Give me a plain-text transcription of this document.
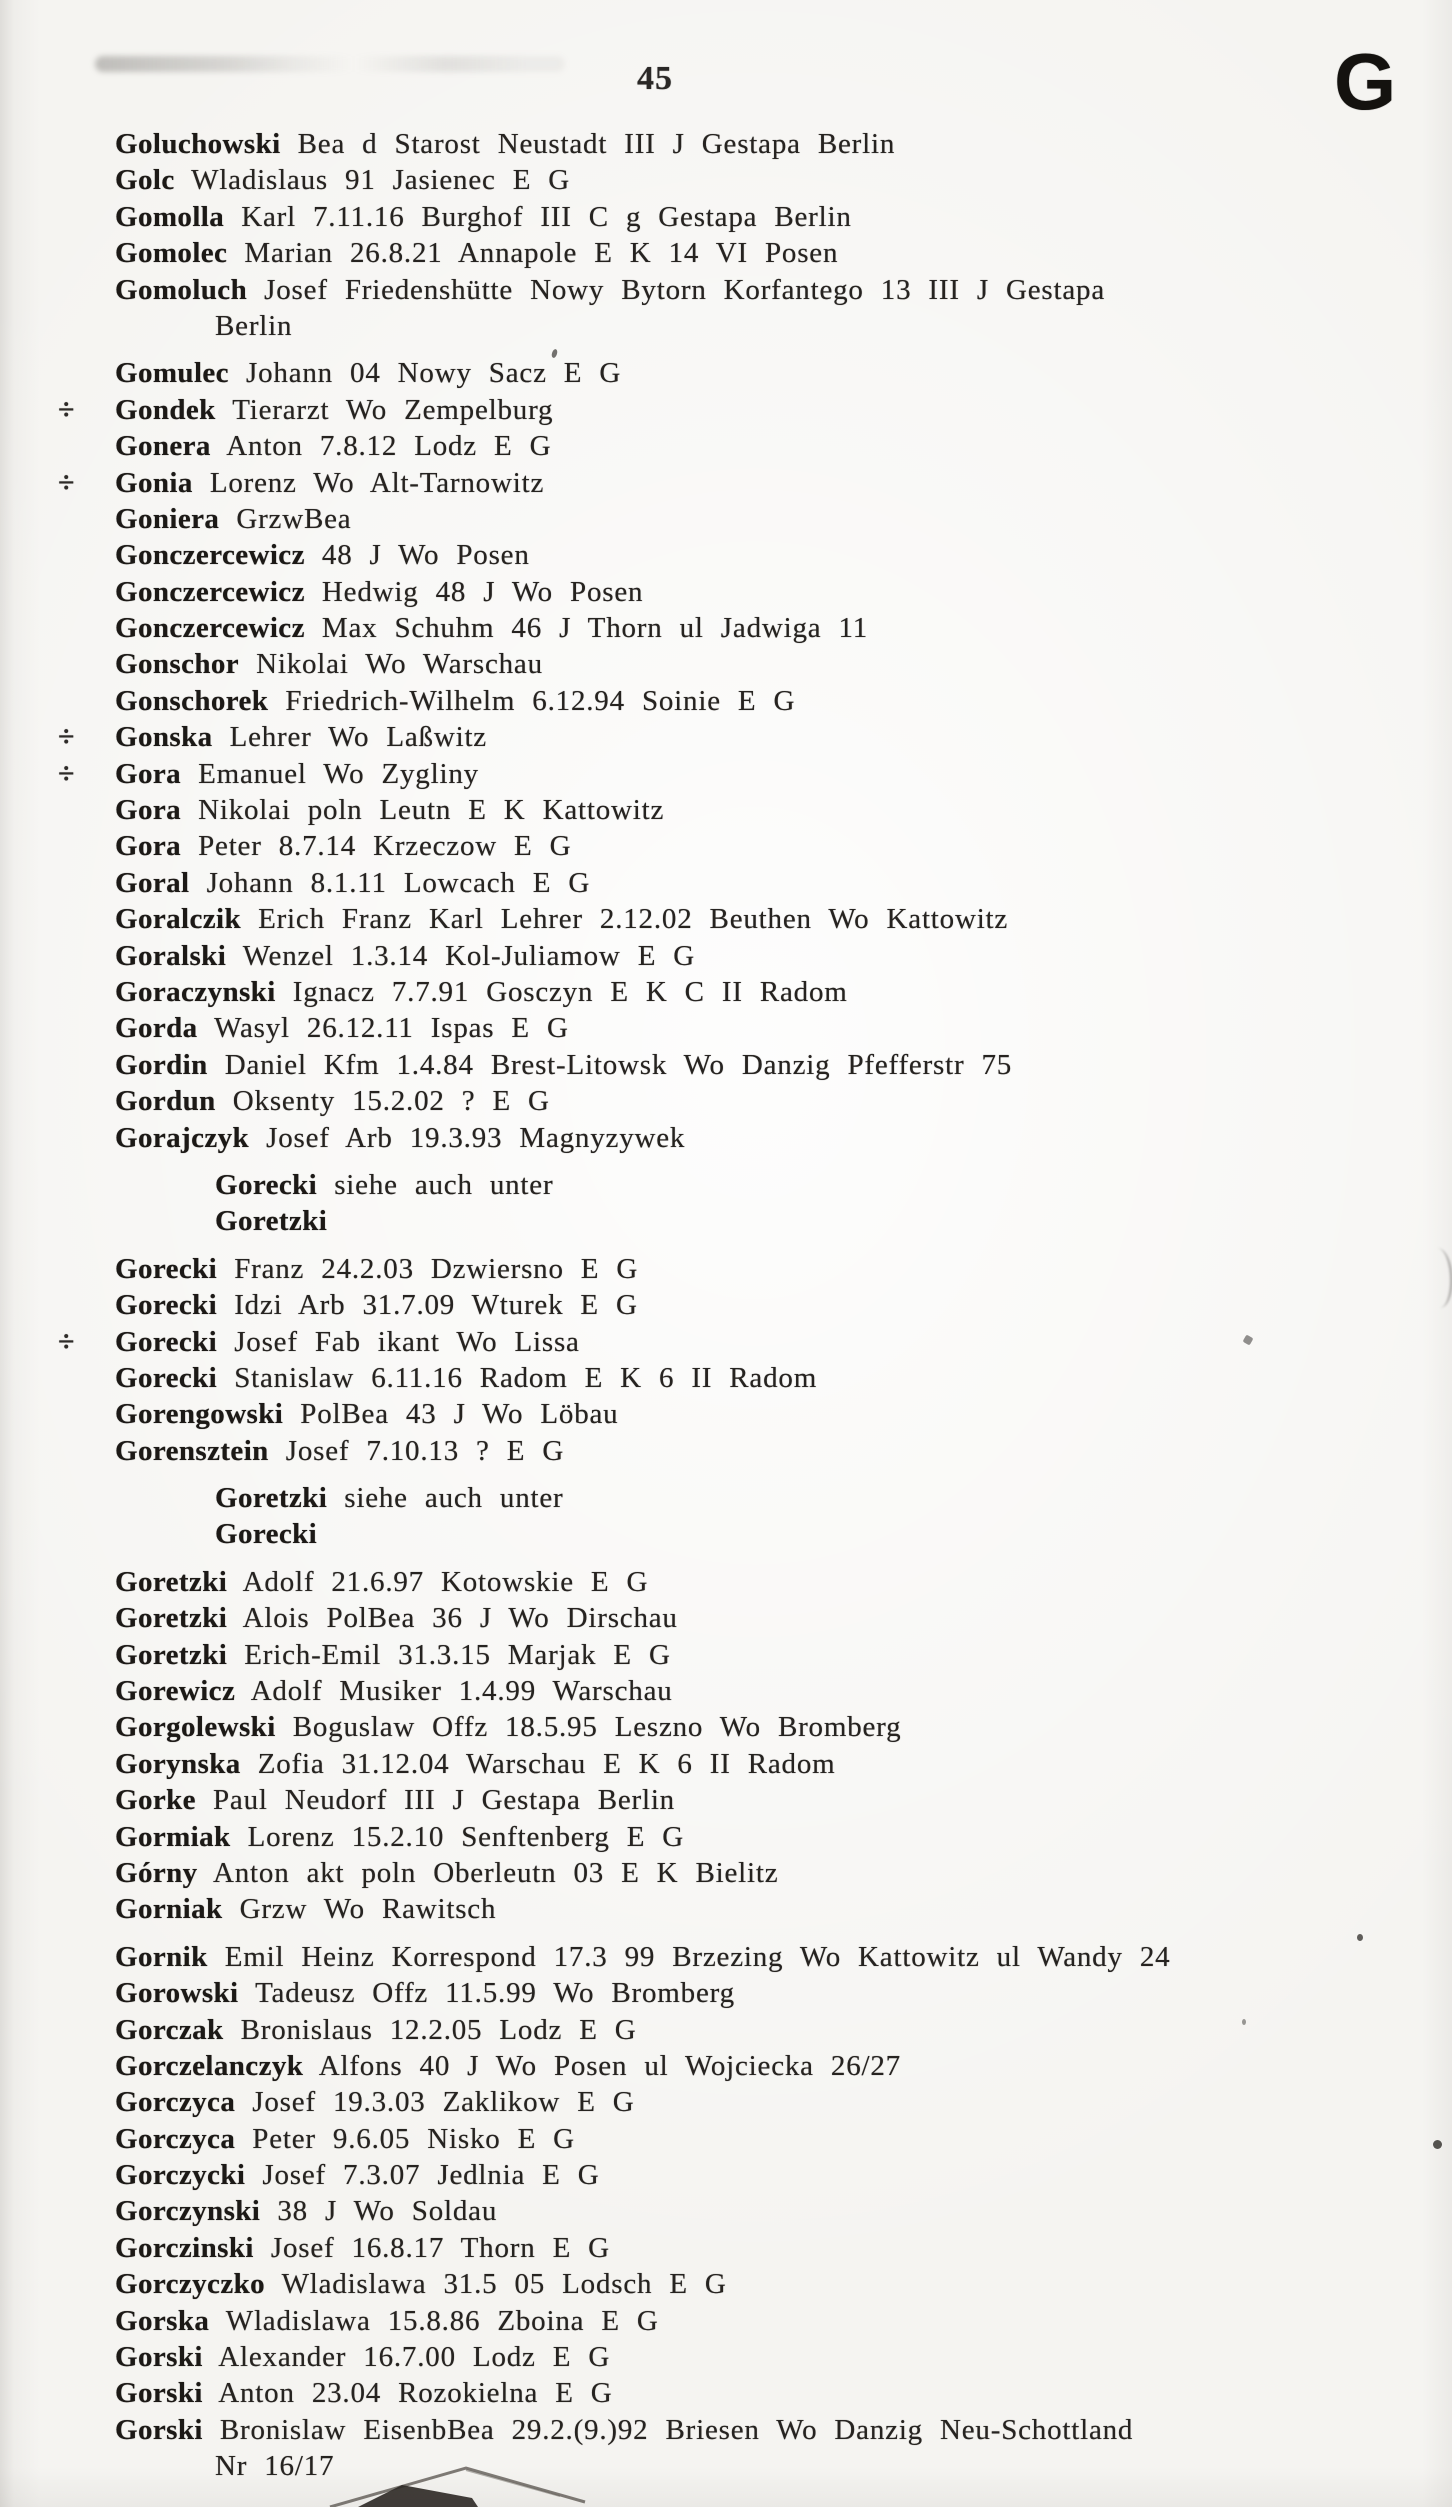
45	G
Goluchowski Bea d Starost Neustadt III J Gestapa Berlin
Golc Wladislaus 91 Jasienec E G
Gomolla Karl 7.11.16 Burghof III C g Gestapa Berlin
Gomolec Marian 26.8.21 Annapole E K 14 VI Posen
Gomoluch Josef Friedenshütte Nowy Bytorn Korfantego 13 III J Gestapa
Berlin
Gomulec Johann 04 Nowy Sacz E G
÷ Gondek Tierarzt Wo Zempelburg
Gonera Anton 7.8.12 Lodz E G
÷ Gonia Lorenz Wo Alt-Tarnowitz
Goniera GrzwBea
Gonczercewicz 48 J Wo Posen
Gonczercewicz Hedwig 48 J Wo Posen
Gonczercewicz Max Schuhm 46 J Thorn ul Jadwiga 11
Gonschor Nikolai Wo Warschau
Gonschorek Friedrich-Wilhelm 6.12.94 Soinie E G
÷ Gonska Lehrer Wo Laßwitz
÷ Gora Emanuel Wo Zygliny
Gora Nikolai poln Leutn E K Kattowitz
Gora Peter 8.7.14 Krzeczow E G
Goral Johann 8.1.11 Lowcach E G
Goralczik Erich Franz Karl Lehrer 2.12.02 Beuthen Wo Kattowitz
Goralski Wenzel 1.3.14 Kol-Juliamow E G
Goraczynski Ignacz 7.7.91 Gosczyn E K C II Radom
Gorda Wasyl 26.12.11 Ispas E G
Gordin Daniel Kfm 1.4.84 Brest-Litowsk Wo Danzig Pfefferstr 75
Gordun Oksenty 15.2.02 ? E G
Gorajczyk Josef Arb 19.3.93 Magnyzywek
Gorecki siehe auch unter
Goretzki
Gorecki Franz 24.2.03 Dzwiersno E G
Gorecki Idzi Arb 31.7.09 Wturek E G
÷ Gorecki Josef Fab ikant Wo Lissa
Gorecki Stanislaw 6.11.16 Radom E K 6 II Radom
Gorengowski PolBea 43 J Wo Löbau
Gorensztein Josef 7.10.13 ? E G
Goretzki siehe auch unter
Gorecki
Goretzki Adolf 21.6.97 Kotowskie E G
Goretzki Alois PolBea 36 J Wo Dirschau
Goretzki Erich-Emil 31.3.15 Marjak E G
Gorewicz Adolf Musiker 1.4.99 Warschau
Gorgolewski Boguslaw Offz 18.5.95 Leszno Wo Bromberg
Gorynska Zofia 31.12.04 Warschau E K 6 II Radom
Gorke Paul Neudorf III J Gestapa Berlin
Gormiak Lorenz 15.2.10 Senftenberg E G
Górny Anton akt poln Oberleutn 03 E K Bielitz
Gorniak Grzw Wo Rawitsch
Gornik Emil Heinz Korrespond 17.3 99 Brzezing Wo Kattowitz ul Wandy 24
Gorowski Tadeusz Offz 11.5.99 Wo Bromberg
Gorczak Bronislaus 12.2.05 Lodz E G
Gorczelanczyk Alfons 40 J Wo Posen ul Wojciecka 26/27
Gorczyca Josef 19.3.03 Zaklikow E G
Gorczyca Peter 9.6.05 Nisko E G
Gorczycki Josef 7.3.07 Jedlnia E G
Gorczynski 38 J Wo Soldau
Gorczinski Josef 16.8.17 Thorn E G
Gorczyczko Wladislawa 31.5 05 Lodsch E G
Gorska Wladislawa 15.8.86 Zboina E G
Gorski Alexander 16.7.00 Lodz E G
Gorski Anton 23.04 Rozokielna E G
Gorski Bronislaw EisenbBea 29.2.(9.)92 Briesen Wo Danzig Neu-Schottland
Nr 16/17
